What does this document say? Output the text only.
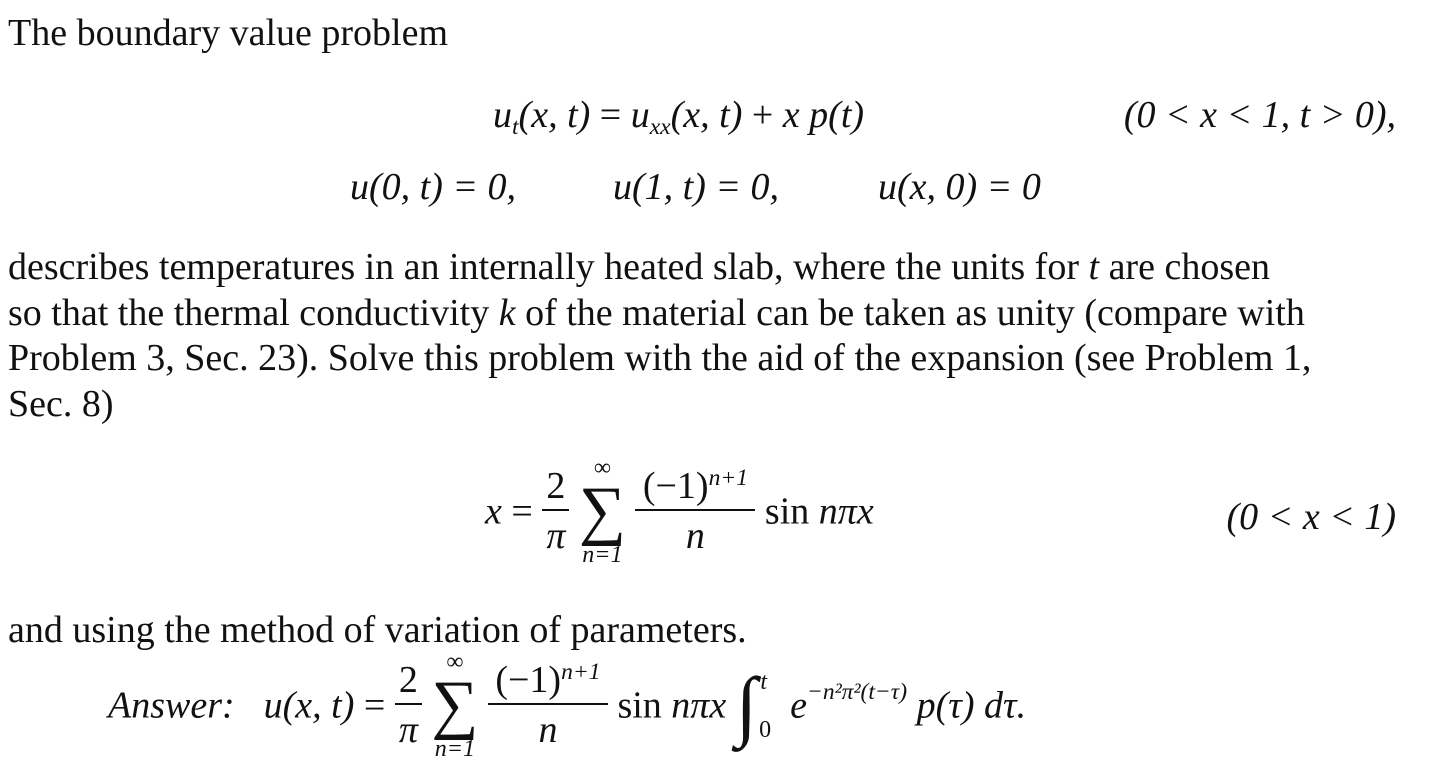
The boundary value problem
$u_t(x$, $t) = u_{xx}(x$, t) + x p(t)	(0 < x < 1, t > 0),
u(0, t) = 0,	u(1, t) = 0,	u(x, 0) = 0
describes temperatures in an internally heated slab, where the units for t are chosen
so that the thermal conductivity k of the material can be taken as unity (compare with
Problem 3, Sec. 23). Solve this problem with the aid of the expansion (see Problem 1,
Sec. 8)
$x = \frac{2}{\pi}$
	∞
∑
n=1
$\frac{(-1)^{n+1}}{n}$ sin nπx	(0 < x < 1)
and using the method of variation of parameters.
Answer: u(x, $t) = \frac{2}{\pi}$
	∞
∑
n=1
$\frac{(-1)^{n+1}}{n}$ sin nπx ∫ t
0
$e^{-n^2\pi^2(t-\tau)}$ p(τ) dτ.
